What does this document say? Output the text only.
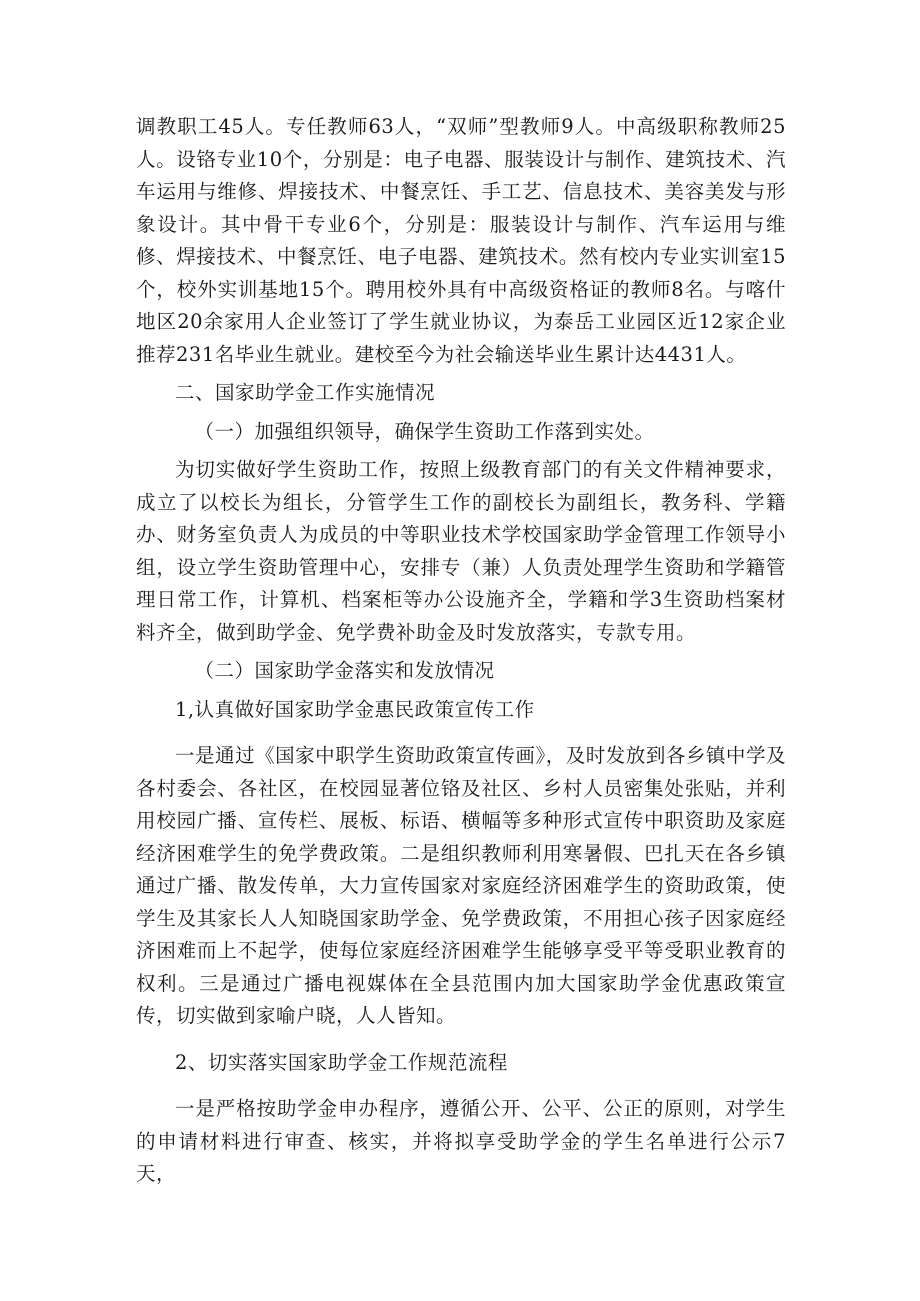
调教职工45人。专任教师63人，“双师”型教师9人。中高级职称教师25人。设铬专业10个，分别是：电子电器、服装设计与制作、建筑技术、汽车运用与维修、焊接技术、中餐烹饪、手工艺、信息技术、美容美发与形象设计。其中骨干专业6个，分别是：服装设计与制作、汽车运用与维修、焊接技术、中餐烹饪、电子电器、建筑技术。然有校内专业实训室15个，校外实训基地15个。聘用校外具有中高级资格证的教师8名。与喀什地区20余家用人企业签订了学生就业协议，为泰岳工业园区近12家企业推荐231名毕业生就业。建校至今为社会输送毕业生累计达4431人。

二、国家助学金工作实施情况

（一）加强组织领导，确保学生资助工作落到实处。

为切实做好学生资助工作，按照上级教育部门的有关文件精神要求，成立了以校长为组长，分管学生工作的副校长为副组长，教务科、学籍办、财务室负责人为成员的中等职业技术学校国家助学金管理工作领导小组，设立学生资助管理中心，安排专（兼）人负责处理学生资助和学籍管理日常工作，计算机、档案柜等办公设施齐全，学籍和学3生资助档案材料齐全，做到助学金、免学费补助金及时发放落实，专款专用。

（二）国家助学金落实和发放情况

1,认真做好国家助学金惠民政策宣传工作

一是通过《国家中职学生资助政策宣传画》，及时发放到各乡镇中学及各村委会、各社区，在校园显著位铬及社区、乡村人员密集处张贴，并利用校园广播、宣传栏、展板、标语、横幅等多种形式宣传中职资助及家庭经济困难学生的免学费政策。二是组织教师利用寒暑假、巴扎天在各乡镇通过广播、散发传单，大力宣传国家对家庭经济困难学生的资助政策，使学生及其家长人人知晓国家助学金、免学费政策，不用担心孩子因家庭经济困难而上不起学，使每位家庭经济困难学生能够享受平等受职业教育的权利。三是通过广播电视媒体在全县范围内加大国家助学金优惠政策宣传，切实做到家喻户晓，人人皆知。

2、切实落实国家助学金工作规范流程

一是严格按助学金申办程序，遵循公开、公平、公正的原则，对学生的申请材料进行审查、核实，并将拟享受助学金的学生名单进行公示7天，
